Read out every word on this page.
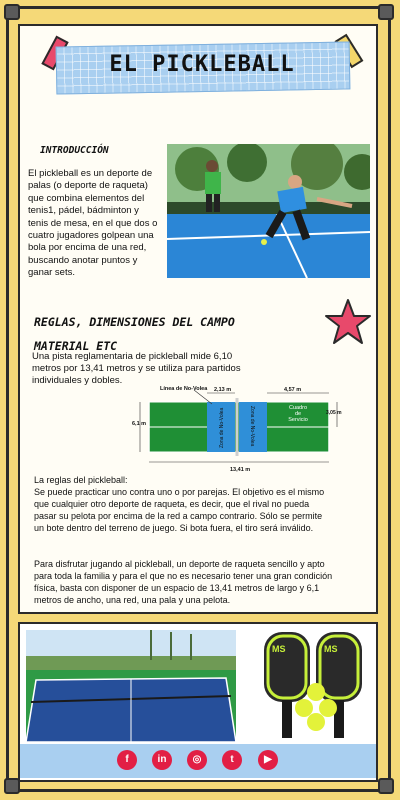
EL PICKLEBALL
INTRODUCCIÓN
El pickleball es un deporte de
palas (o deporte de raqueta)
que combina elementos del
tenis1, pádel, bádminton y
tenis de mesa, en el que dos o
cuatro jugadores golpean una
bola por encima de una red,
buscando anotar puntos y
ganar sets.
REGLAS, DIMENSIONES DEL CAMPO
MATERIAL ETC
Una pista reglamentaria de pickleball mide 6,10
metros por 13,41 metros y se utiliza para partidos
individuales y dobles.
Línea de No-Volea 2,13 m	4,57 m
6,1 m
3,05 m
13,41 m
Zona de No-Volea	Zona de No-Volea	Cuadro
de
Servicio
La reglas del pickleball:
Se puede practicar uno contra uno o por parejas. El objetivo es el mismo
que cualquier otro deporte de raqueta, es decir, que el rival no pueda
pasar su pelota por encima de la red a campo contrario. Sólo se permite
un bote dentro del terreno de juego. Si bota fuera, el tiro será inválido.
Para disfrutar jugando al pickleball, un deporte de raqueta sencillo y apto
para toda la familia y para el que no es necesario tener una gran condición
física, basta con disponer de un espacio de 13,41 metros de largo y 6,1
metros de ancho, una red, una pala y una pelota.
MS	MS
f	in	◎	t	▶
